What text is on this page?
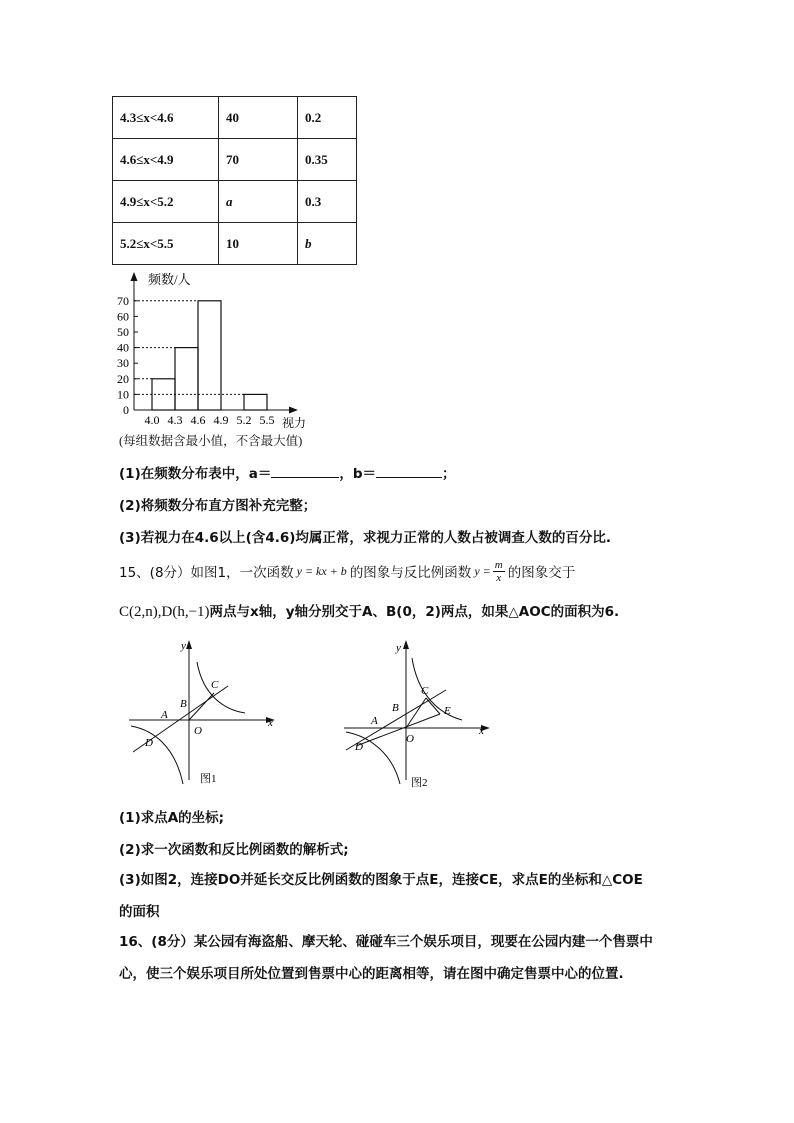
4.3≤x<4.6	40	0.2
4.6≤x<4.9	70	0.35
4.9≤x<5.2	a	0.3
5.2≤x<5.5	10	b
频数/人
视力
70
60
50
40
30
20
10
0
4.0 4.3 4.6 4.9 5.2 5.5
(每组数据含最小值，不含最大值)
(1)在频数分布表中，a＝	，b＝	；
(2)将频数分布直方图补充完整；
(3)若视力在4.6以上(含4.6)均属正常，求视力正常的人数占被调查人数的百分比.
15、(8分）如图1，一次函数 y = kx + b 的图象与反比例函数 $y = \frac{m}{x}$ 的图象交于
C(2,n),D(h,−1)两点与x轴，y轴分别交于A、B(0，2)两点，如果△AOC的面积为6.
y
x
A
B
C
D
O
图1
y
x
A
B
C
E
D
O
图2
(1)求点A的坐标;
(2)求一次函数和反比例函数的解析式;
(3)如图2，连接DO并延长交反比例函数的图象于点E，连接CE，求点E的坐标和△COE
的面积
16、(8分）某公园有海盗船、摩天轮、碰碰车三个娱乐项目，现要在公园内建一个售票中
心，使三个娱乐项目所处位置到售票中心的距离相等，请在图中确定售票中心的位置.
